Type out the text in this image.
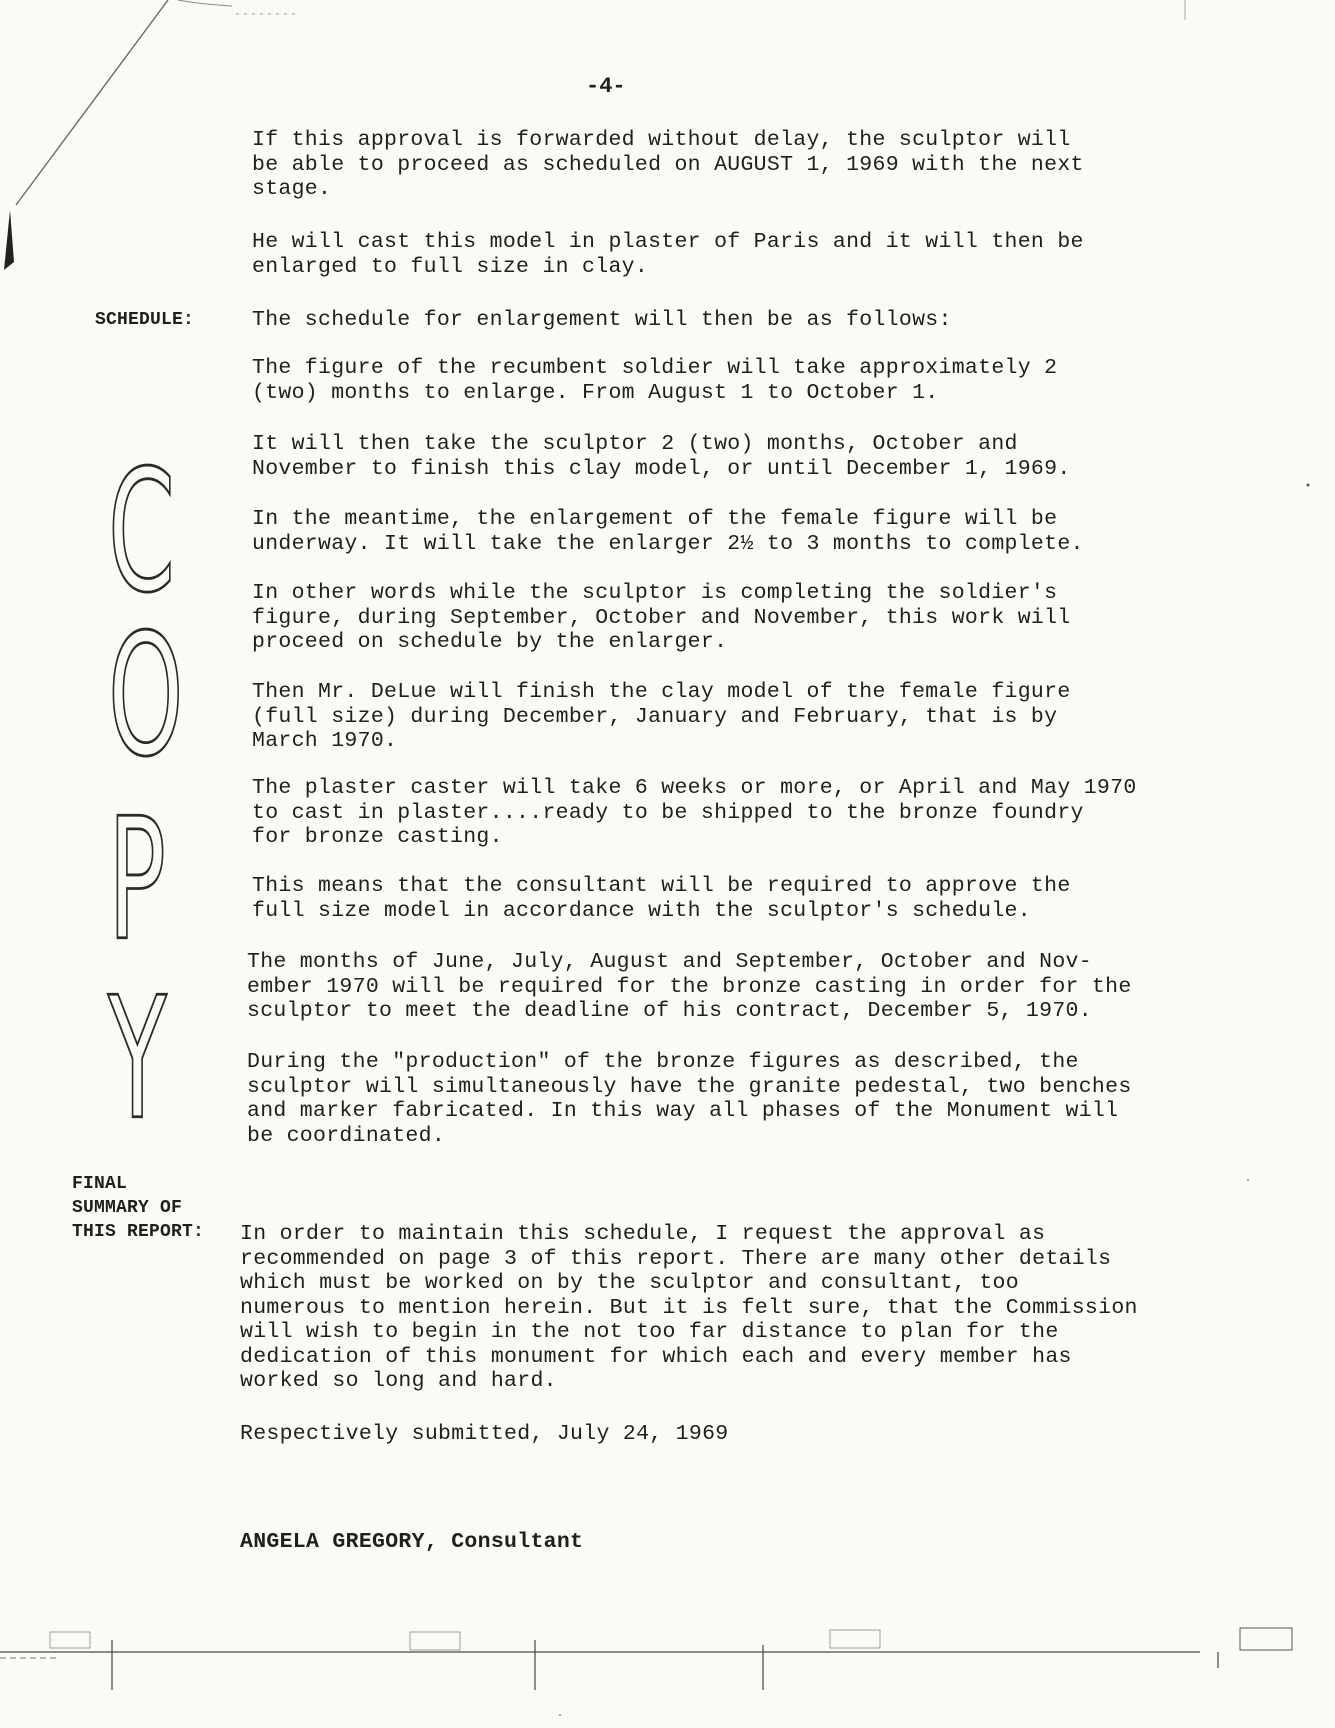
-4-
C
O
P
Y
SCHEDULE:
FINAL
SUMMARY OF
THIS REPORT:

If this approval is forwarded without delay, the sculptor will
be able to proceed as scheduled on AUGUST 1, 1969 with the next
stage.

He will cast this model in plaster of Paris and it will then be
enlarged to full size in clay.

The schedule for enlargement will then be as follows:

The figure of the recumbent soldier will take approximately 2
(two) months to enlarge. From August 1 to October 1.

It will then take the sculptor 2 (two) months, October and
November to finish this clay model, or until December 1, 1969.

In the meantime, the enlargement of the female figure will be
underway. It will take the enlarger 2½ to 3 months to complete.

In other words while the sculptor is completing the soldier's
figure, during September, October and November, this work will
proceed on schedule by the enlarger.

Then Mr. DeLue will finish the clay model of the female figure
(full size) during December, January and February, that is by
March 1970.

The plaster caster will take 6 weeks or more, or April and May 1970
to cast in plaster....ready to be shipped to the bronze foundry
for bronze casting.

This means that the consultant will be required to approve the
full size model in accordance with the sculptor's schedule.

The months of June, July, August and September, October and Nov-
ember 1970 will be required for the bronze casting in order for the
sculptor to meet the deadline of his contract, December 5, 1970.

During the "production" of the bronze figures as described, the
sculptor will simultaneously have the granite pedestal, two benches
and marker fabricated. In this way all phases of the Monument will
be coordinated.

In order to maintain this schedule, I request the approval as
recommended on page 3 of this report. There are many other details
which must be worked on by the sculptor and consultant, too
numerous to mention herein. But it is felt sure, that the Commission
will wish to begin in the not too far distance to plan for the
dedication of this monument for which each and every member has
worked so long and hard.

Respectively submitted, July 24, 1969

ANGELA GREGORY, Consultant
